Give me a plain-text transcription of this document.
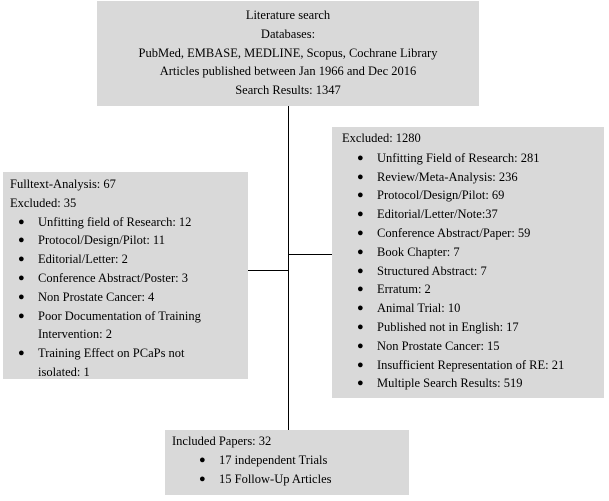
Literature search
Databases:
PubMed, EMBASE, MEDLINE, Scopus, Cochrane Library
Articles published between Jan 1966 and Dec 2016
Search Results: 1347
Excluded: 1280
● Unfitting Field of Research: 281
● Review/Meta-Analysis: 236
● Protocol/Design/Pilot: 69
● Editorial/Letter/Note:37
● Conference Abstract/Paper: 59
● Book Chapter: 7
● Structured Abstract: 7
● Erratum: 2
● Animal Trial: 10
● Published not in English: 17
● Non Prostate Cancer: 15
● Insufficient Representation of RE: 21
● Multiple Search Results: 519
Fulltext-Analysis: 67
Excluded: 35
● Unfitting field of Research: 12
● Protocol/Design/Pilot: 11
● Editorial/Letter: 2
● Conference Abstract/Poster: 3
● Non Prostate Cancer: 4
● Poor Documentation of Training
Intervention: 2
● Training Effect on PCaPs not
isolated: 1
Included Papers: 32
● 17 independent Trials
● 15 Follow-Up Articles
